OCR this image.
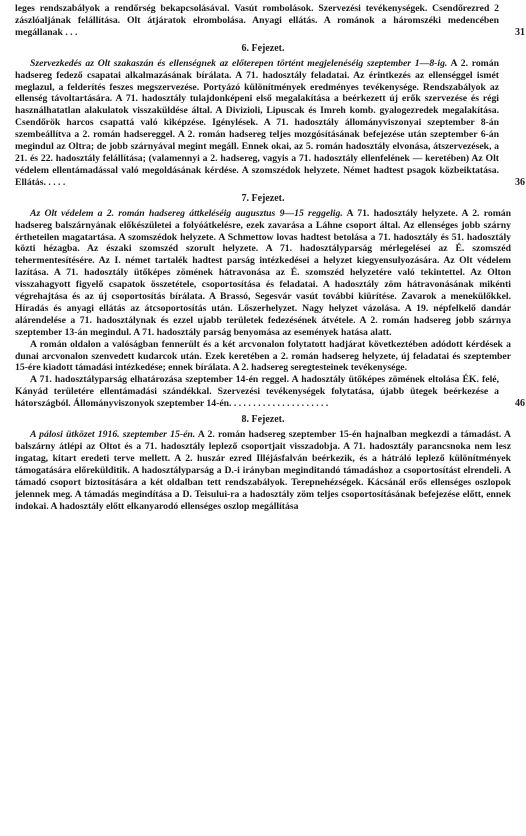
leges rendszabályok a rendőrség bekapcsolásával. Vasút rombolások. Szervezési tevékenységek. Csendőrezred 2 zászlóaljának felállítása. Olt átjáratok elrombolása. Anyagi ellátás. A románok a háromszéki medencében megállanak . . .	31

6. Fejezet.

Szervezkedés az Olt szakaszán és ellenségnek az előterepen történt megjelenéséig szeptember 1—8-ig. A 2. román hadsereg fedező csapatai alkalmazásának bírálata. A 71. hadosztály feladatai. Az érintkezés az ellenséggel ismét meglazul, a felderítés feszes megszervezése. Portyázó különítmények eredményes tevékenysége. Rendszabályok az ellenség távoltartására. A 71. hadosztály tulajdonképeni első megalakítása a beérkezett új erők szervezése és régi használhatatlan alakulatok visszaküldése által. A Divizioli, Lipuscak és Imreh komb. gyalogezredek megalakítása. Csendőrök harcos csapattá való kiképzése. Igénylések. A 71. hadosztály állományviszonyai szeptember 8-án szembeállítva a 2. román hadsereggel. A 2. román hadsereg teljes mozgósításának befejezése után szeptember 6-án megindul az Oltra; de jobb szárnyával megint megáll. Ennek okai, az 5. román hadosztály elvonása, átszervezések, a 21. és 22. hadosztály felállítása; (valamennyi a 2. hadsereg, vagyis a 71. hadosztály ellenfelének — keretében) Az Olt védelem ellentámadással való megoldásának kérdése. A szomszédok helyzete. Német hadtest psagok közbeiktatása. Ellátás. . . . .	36

7. Fejezet.

Az Olt védelem a 2. román hadsereg áttkeléséig augusztus 9—15 reggelig. A 71. hadosztály helyzete. A 2. román hadsereg balszárnyának előkészületei a folyóátkelésre, ezek zavarása a Láhne csoport által. Az ellenséges jobb szárny értheteilen magatartása. A szomszédok helyzete. A Schmettow lovas hadtest betolása a 71. hadosztály és 51. hadosztály közti hézagba. Az északi szomszéd szorult helyzete. A 71. hadosztályparság mérlegelései az É. szomszéd tehermentesítésére. Az I. német tartalék hadtest parság intézkedései a helyzet kiegyensulyozására. Az Olt védelem lazítása. A 71. hadosztály ütőképes zömének hátravonása az É. szomszéd helyzetére való tekintettel. Az Olton visszahagyott figyelő csapatok összetétele, csoportosítása és feladatai. A hadosztály zöm hátravonásának mikénti végrehajtása és az új csoportosítás bírálata. A Brassó, Segesvár vasút további kiürítése. Zavarok a menekülőkkel. Híradás és anyagi ellátás az átcsoportosítás után. Lőszerhelyzet. Nagy helyzet vázolása. A 19. népfelkelő dandár alárendelése a 71. hadosztálynak és ezzel ujabb területek fedezésének átvétele. A 2. román hadsereg jobb szárnya szeptember 13-án megindul. A 71. hadosztály parság benyomása az események hatása alatt.

A román oldalon a valóságban fennerült és a két arcvonalon folytatott hadjárat következtében adódott kérdések a dunai arcvonalon szenvedett kudarcok után. Ezek keretében a 2. román hadsereg helyzete, új feladatai és szeptember 15-ére kiadott támadási intézkedése; ennek bírálata. A 2. hadsereg seregtesteinek tevékenysége.

A 71. hadosztályparság elhatározása szeptember 14-én reggel. A hadosztály ütőképes zömének eltolása ÉK. felé, Kányád területére ellentámadási szándékkal. Szervezési tevékenységek folytatása, újabb ütegek beérkezése a hátországból. Állományviszonyok szeptember 14-én. . . . . . . . . . . . . . . . . . . . .	46

8. Fejezet.

A pálosi ütközet 1916. szeptember 15-én. A 2. román hadsereg szeptember 15-én hajnalban megkezdi a támadást. A balszárny átlépi az Oltot és a 71. hadosztály leplező csoportjait visszadobja. A 71. hadosztály parancsnoka nem lesz ingatag, kitart eredeti terve mellett. A 2. huszár ezred Illéjásfalván beérkezik, és a hátráló leplező különítmények támogatására előrekülditik. A hadosztályparság a D.-i irányban meginditandó támadáshoz a csoportosítást elrendeli. A támadó csoport biztosítására a két oldalban tett rendszabályok. Terepnehézségek. Kácsánál erős ellenséges oszlopok jelennek meg. A támadás megindítása a D. Teisului-ra a hadosztály zöm teljes csoportosításának befejezése előtt, ennek indokai. A hadosztály előtt elkanyarodó ellenséges oszlop megállítása
